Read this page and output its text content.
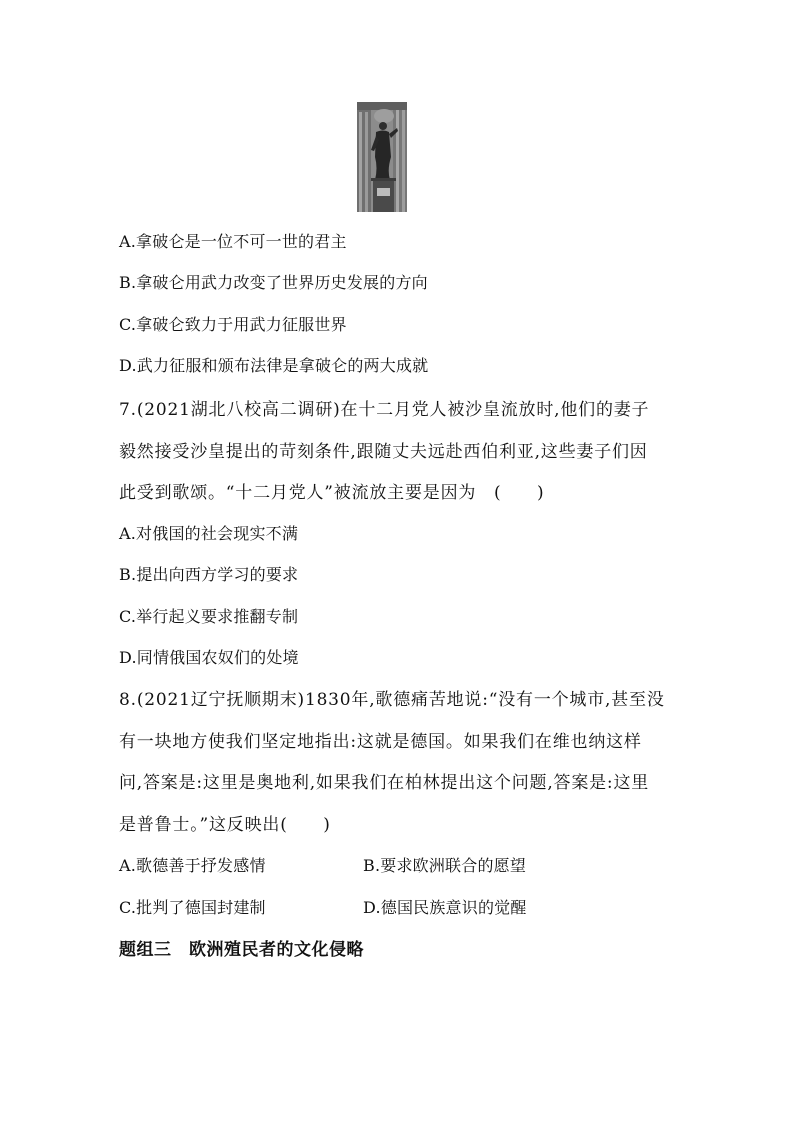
A.拿破仑是一位不可一世的君主
B.拿破仑用武力改变了世界历史发展的方向
C.拿破仑致力于用武力征服世界
D.武力征服和颁布法律是拿破仑的两大成就
7.(2021湖北八校高二调研)在十二月党人被沙皇流放时,他们的妻子
毅然接受沙皇提出的苛刻条件,跟随丈夫远赴西伯利亚,这些妻子们因
此受到歌颂。“十二月党人”被流放主要是因为　(　　)
A.对俄国的社会现实不满
B.提出向西方学习的要求
C.举行起义要求推翻专制
D.同情俄国农奴们的处境
8.(2021辽宁抚顺期末)1830年,歌德痛苦地说:“没有一个城市,甚至没
有一块地方使我们坚定地指出:这就是德国。如果我们在维也纳这样
问,答案是:这里是奥地利,如果我们在柏林提出这个问题,答案是:这里
是普鲁士。”这反映出(　　)
A.歌德善于抒发感情	B.要求欧洲联合的愿望
C.批判了德国封建制	D.德国民族意识的觉醒
题组三　欧洲殖民者的文化侵略
